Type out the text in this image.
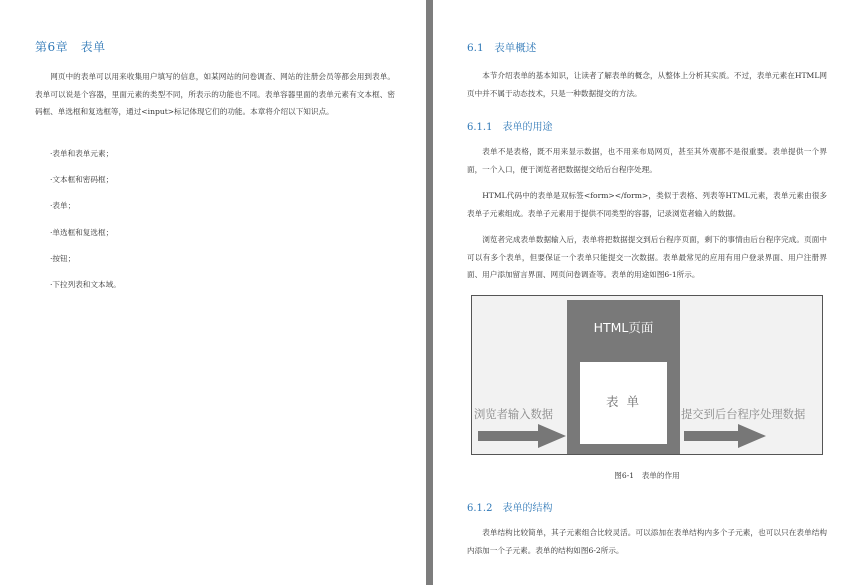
第6章　表单
网页中的表单可以用来收集用户填写的信息，如某网站的问卷调查、网站的注册会员等都会用到表单。表单可以说是个容器，里面元素的类型不同，所表示的功能也不同。表单容器里面的表单元素有文本框、密码框、单选框和复选框等，通过<input>标记体现它们的功能。本章将介绍以下知识点。
·表单和表单元素；
·文本框和密码框；
·表单；
·单选框和复选框；
·按钮；
·下拉列表和文本域。
6.1　表单概述
本节介绍表单的基本知识，让读者了解表单的概念，从整体上分析其实质。不过，表单元素在HTML网页中并不属于动态技术，只是一种数据提交的方法。
6.1.1　表单的用途
表单不是表格，既不用来显示数据，也不用来布局网页，甚至其外观都不是很重要。表单提供一个界面，一个入口，便于浏览者把数据提交给后台程序处理。
HTML代码中的表单是双标签<form></form>，类似于表格、列表等HTML元素，表单元素由很多表单子元素组成。表单子元素用于提供不同类型的容器，记录浏览者输入的数据。
浏览者完成表单数据输入后，表单将把数据提交到后台程序页面，剩下的事情由后台程序完成。页面中可以有多个表单，但要保证一个表单只能提交一次数据。表单最常见的应用有用户登录界面、用户注册界面、用户添加留言界面、网页问卷调查等。表单的用途如图6-1所示。
HTML页面
表 单
浏览者输入数据	提交到后台程序处理数据
图6-1　表单的作用
6.1.2　表单的结构
表单结构比较简单，其子元素组合比较灵活。可以添加在表单结构内多个子元素，也可以只在表单结构内添加一个子元素。表单的结构如图6-2所示。
